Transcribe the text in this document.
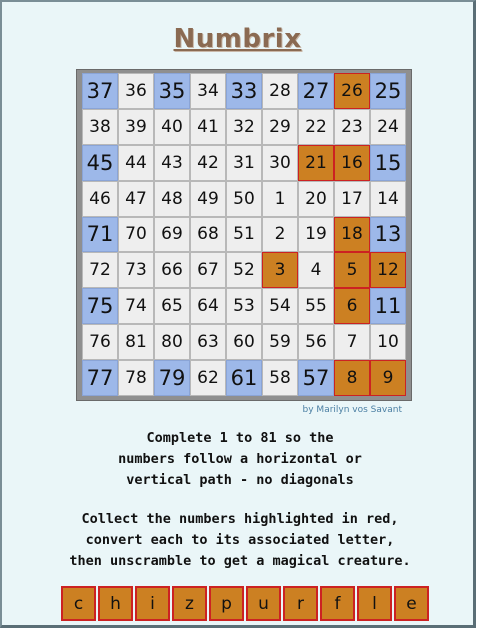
Numbrix
37 36 35 34 33 28 27 26 25
38 39 40 41 32 29 22 23 24
45 44 43 42 31 30 21 16 15
46 47 48 49 50	1	20 17 14
71 70 69 68 51	2	19 18 13
72 73 66 67 52	3	4	5	12
75 74 65 64 53 54 55	6 11
76 81 80 63 60 59 56	7	10
77 78 79 62 61 58 57	8	9
by Marilyn vos Savant
Complete 1 to 81 so the
numbers follow a horizontal or
vertical path - no diagonals
Collect the numbers highlighted in red,
convert each to its associated letter,
then unscramble to get a magical creature.
c	h	i	z	p	u	r	f	l	e
